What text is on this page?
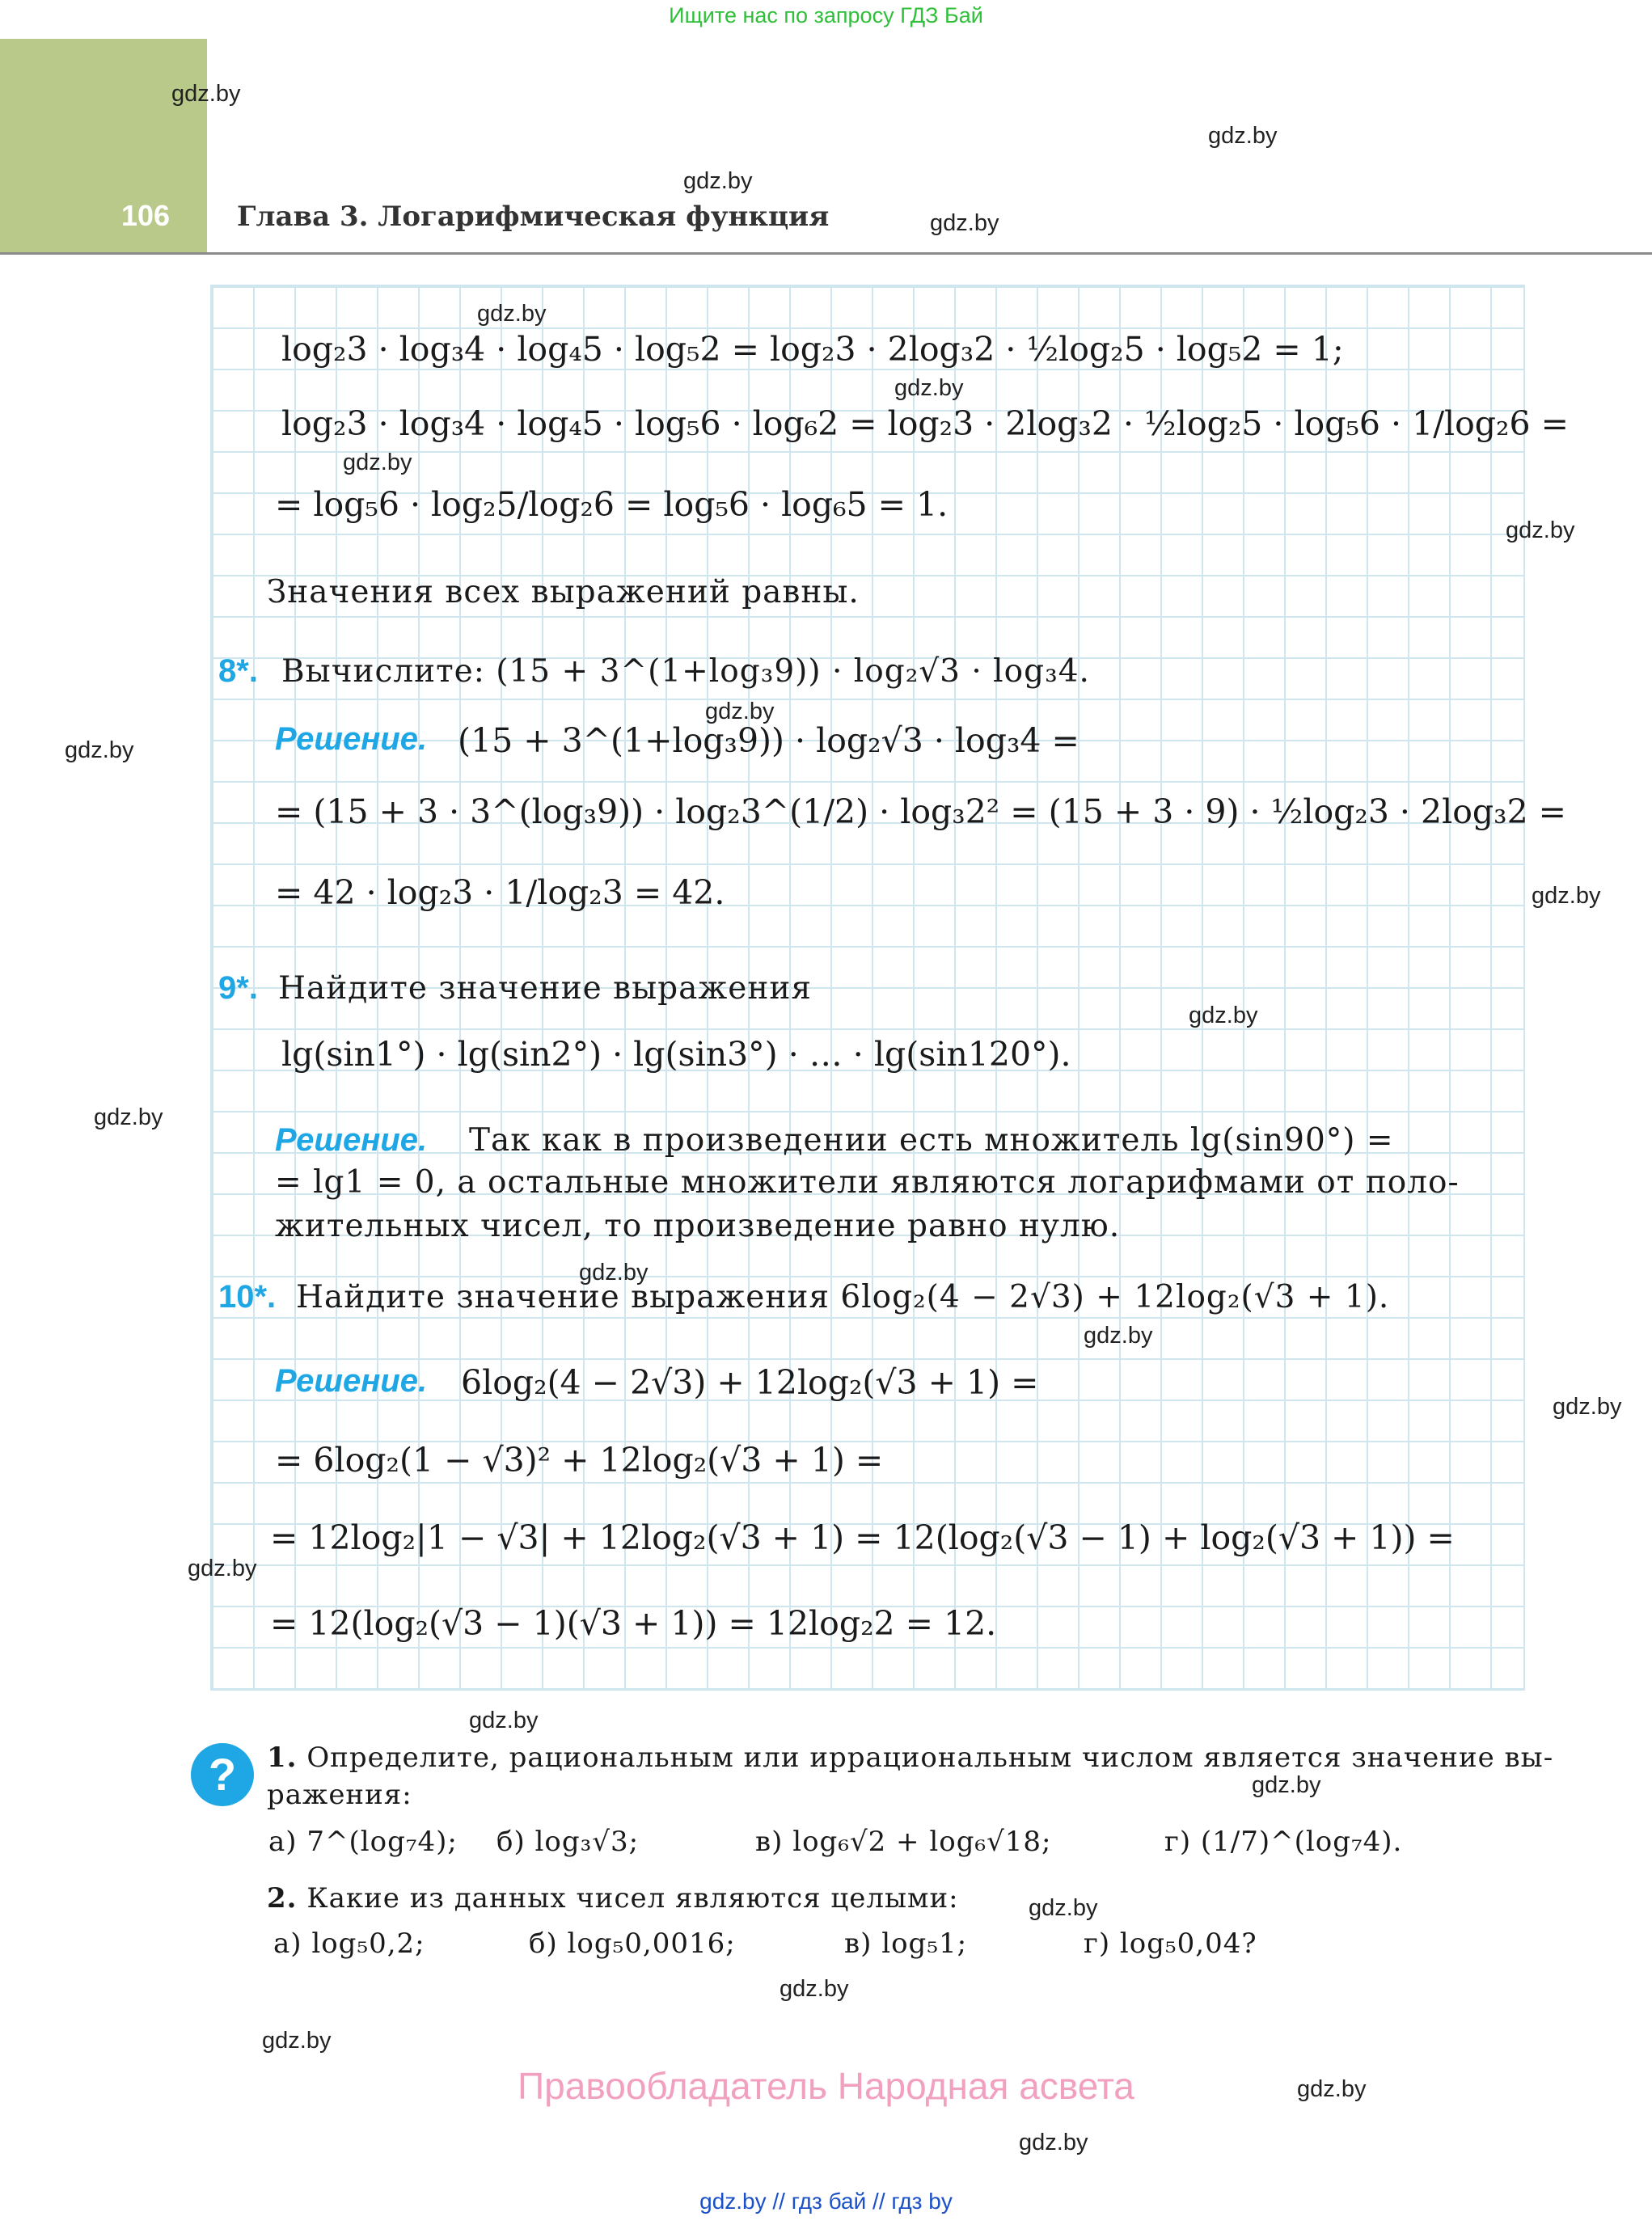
Ищите нас по запросу ГДЗ Бай
106 Глава 3. Логарифмическая функция
log₂3 · log₃4 · log₄5 · log₅2 = log₂3 · 2log₃2 · ½log₂5 · log₅2 = 1;
log₂3 · log₃4 · log₄5 · log₅6 · log₆2 = log₂3 · 2log₃2 · ½log₂5 · log₅6 · 1/log₂6 =
= log₅6 · log₂5/log₂6 = log₅6 · log₆5 = 1.
Значения всех выражений равны.
8*. Вычислите: (15 + 3^(1+log₃9)) · log₂√3 · log₃4.
Решение. (15 + 3^(1+log₃9)) · log₂√3 · log₃4 =
= (15 + 3 · 3^(log₃9)) · log₂3^(1/2) · log₃2² = (15 + 3 · 9) · ½log₂3 · 2log₃2 =
= 42 · log₂3 · 1/log₂3 = 42.
9*. Найдите значение выражения
lg(sin1°) · lg(sin2°) · lg(sin3°) · … · lg(sin120°).
Решение. Так как в произведении есть множитель lg(sin90°) =
= lg1 = 0, а остальные множители являются логарифмами от поло-
жительных чисел, то произведение равно нулю.
10*. Найдите значение выражения 6log₂(4 − 2√3) + 12log₂(√3 + 1).
Решение. 6log₂(4 − 2√3) + 12log₂(√3 + 1) =
= 6log₂(1 − √3)² + 12log₂(√3 + 1) =
= 12log₂|1 − √3| + 12log₂(√3 + 1) = 12(log₂(√3 − 1) + log₂(√3 + 1)) =
= 12(log₂(√3 − 1)(√3 + 1)) = 12log₂2 = 12.
?	1. Определите, рациональным или иррациональным числом является значение вы-
ражения:
а) 7^(log₇4); б) log₃√3;	в) log₆√2 + log₆√18;	г) (1/7)^(log₇4).
2. Какие из данных чисел являются целыми:
а) log₅0,2;	б) log₅0,0016;	в) log₅1;	г) log₅0,04?
gdz.by
gdz.by
gdz.by
gdz.by
gdz.by
gdz.by
gdz.by
gdz.by
gdz.by
gdz.by
gdz.by
gdz.by
gdz.by
gdz.by
gdz.by
gdz.by
gdz.by
gdz.by
gdz.by
gdz.by
gdz.by
gdz.by
gdz.by
gdz.by
Правообладатель Народная асвета
gdz.by // гдз бай // гдз by
